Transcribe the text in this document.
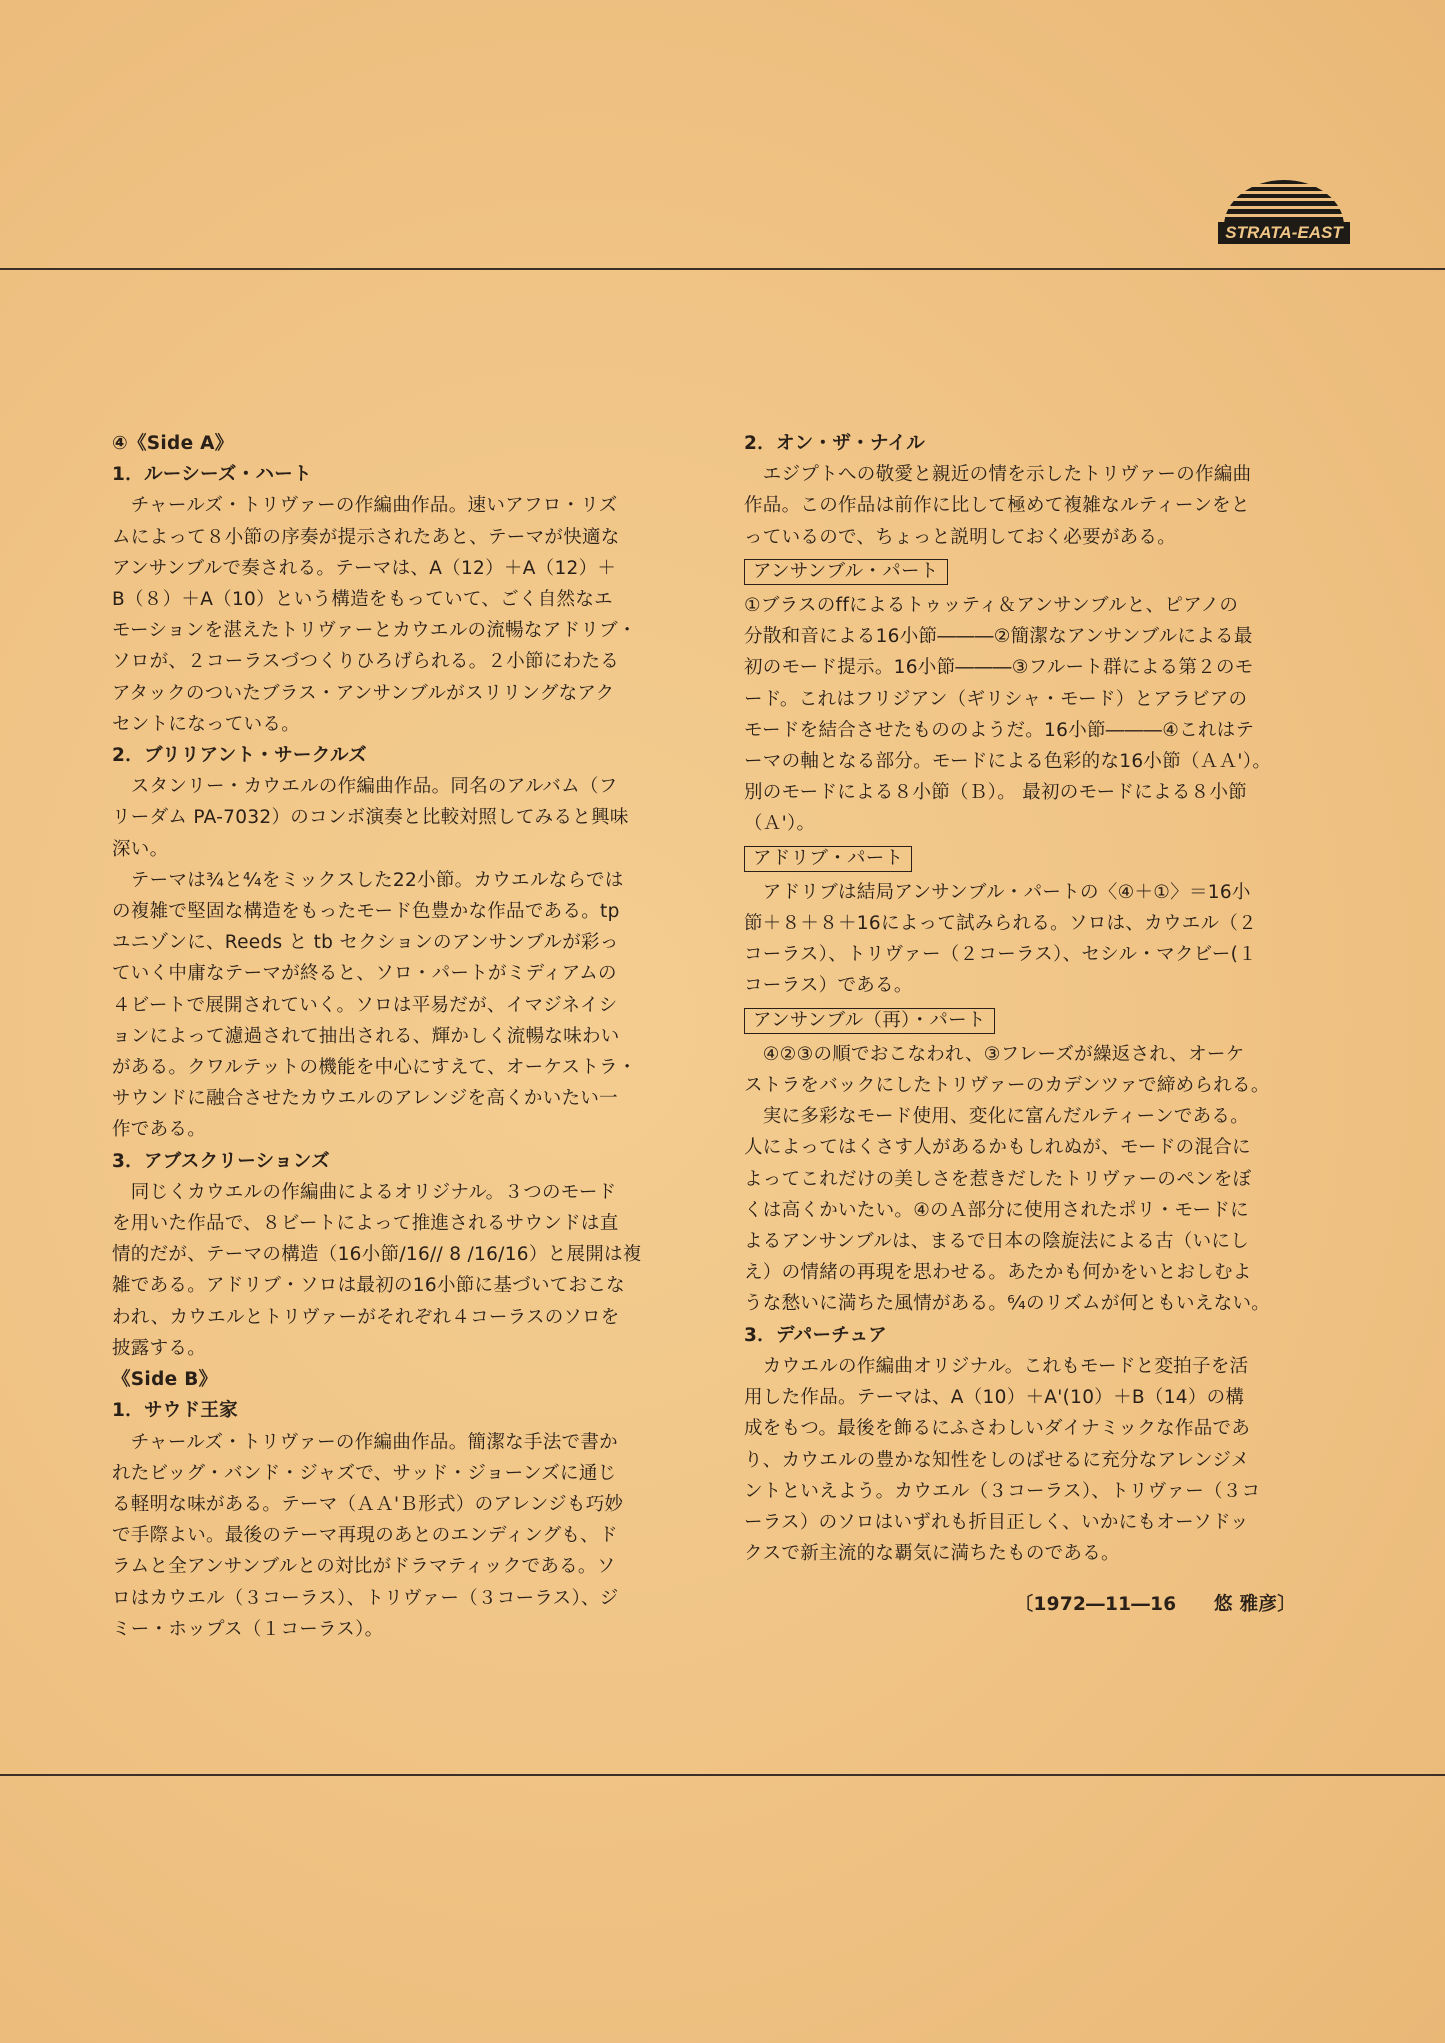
STRATA-EAST

④《Side A》

1．ルーシーズ・ハート

　チャールズ・トリヴァーの作編曲作品。速いアフロ・リズ

ムによって８小節の序奏が提示されたあと、テーマが快適な

アンサンブルで奏される。テーマは、A（12）＋A（12）＋

B（８）＋A（10）という構造をもっていて、ごく自然なエ

モーションを湛えたトリヴァーとカウエルの流暢なアドリブ・

ソロが、２コーラスづつくりひろげられる。２小節にわたる

アタックのついたブラス・アンサンブルがスリリングなアク

セントになっている。

2．ブリリアント・サークルズ

　スタンリー・カウエルの作編曲作品。同名のアルバム（フ

リーダム PA-7032）のコンボ演奏と比較対照してみると興味

深い。

　テーマは¾と⁴⁄₄をミックスした22小節。カウエルならでは

の複雑で堅固な構造をもったモード色豊かな作品である。tp

ユニゾンに、Reeds と tb セクションのアンサンブルが彩っ

ていく中庸なテーマが終ると、ソロ・パートがミディアムの

４ビートで展開されていく。ソロは平易だが、イマジネイシ

ョンによって濾過されて抽出される、輝かしく流暢な味わい

がある。クワルテットの機能を中心にすえて、オーケストラ・

サウンドに融合させたカウエルのアレンジを高くかいたい一

作である。

3．アブスクリーションズ

　同じくカウエルの作編曲によるオリジナル。３つのモード

を用いた作品で、８ビートによって推進されるサウンドは直

情的だが、テーマの構造（16小節/16// 8 /16/16）と展開は複

雑である。アドリブ・ソロは最初の16小節に基づいておこな

われ、カウエルとトリヴァーがそれぞれ４コーラスのソロを

披露する。

《Side B》

1．サウド王家

　チャールズ・トリヴァーの作編曲作品。簡潔な手法で書か

れたビッグ・バンド・ジャズで、サッド・ジョーンズに通じ

る軽明な味がある。テーマ（ＡＡ'Ｂ形式）のアレンジも巧妙

で手際よい。最後のテーマ再現のあとのエンディングも、ド

ラムと全アンサンブルとの対比がドラマティックである。ソ

ロはカウエル（３コーラス）、トリヴァー（３コーラス）、ジ

ミー・ホップス（１コーラス）。

2．オン・ザ・ナイル

　エジプトへの敬愛と親近の情を示したトリヴァーの作編曲

作品。この作品は前作に比して極めて複雑なルティーンをと

っているので、ちょっと説明しておく必要がある。

アンサンブル・パート

①ブラスのffによるトゥッティ＆アンサンブルと、ピアノの

分散和音による16小節―――②簡潔なアンサンブルによる最

初のモード提示。16小節―――③フルート群による第２のモ

ード。これはフリジアン（ギリシャ・モード）とアラビアの

モードを結合させたもののようだ。16小節―――④これはテ

ーマの軸となる部分。モードによる色彩的な16小節（ＡＡ'）。

別のモードによる８小節（Ｂ）。 最初のモードによる８小節

（Ａ'）。

アドリブ・パート

　アドリブは結局アンサンブル・パートの〈④＋①〉＝16小

節＋８＋８＋16によって試みられる。ソロは、カウエル（２

コーラス）、トリヴァー（２コーラス）、セシル・マクビー(１

コーラス）である。

アンサンブル（再）・パート

　④②③の順でおこなわれ、③フレーズが繰返され、オーケ

ストラをバックにしたトリヴァーのカデンツァで締められる。

　実に多彩なモード使用、変化に富んだルティーンである。

人によってはくさす人があるかもしれぬが、モードの混合に

よってこれだけの美しさを惹きだしたトリヴァーのペンをぼ

くは高くかいたい。④のＡ部分に使用されたポリ・モードに

よるアンサンブルは、まるで日本の陰旋法による古（いにし

え）の情緒の再現を思わせる。あたかも何かをいとおしむよ

うな愁いに満ちた風情がある。⁶⁄₄のリズムが何ともいえない。

3．デパーチュア

　カウエルの作編曲オリジナル。これもモードと変拍子を活

用した作品。テーマは、A（10）＋A'(10）＋B（14）の構

成をもつ。最後を飾るにふさわしいダイナミックな作品であ

り、カウエルの豊かな知性をしのばせるに充分なアレンジメ

ントといえよう。カウエル（３コーラス）、トリヴァー（３コ

ーラス）のソロはいずれも折目正しく、いかにもオーソドッ

クスで新主流的な覇気に満ちたものである。

〔1972―11―16　　悠 雅彦〕
